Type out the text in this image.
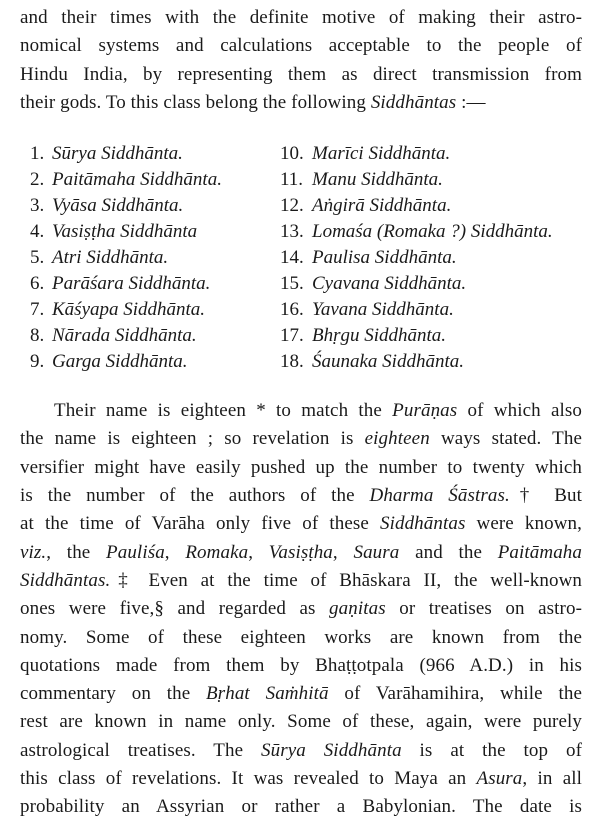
and their times with the definite motive of making their astro-
nomical systems and calculations acceptable to the people of
Hindu India, by representing them as direct transmission from
their gods. To this class belong the following Siddhāntas :—

1. Sūrya Siddhānta.
2. Paitāmaha Siddhānta.
3. Vyāsa Siddhānta.
4. Vasiṣṭha Siddhānta
5. Atri Siddhānta.
6. Parāśara Siddhānta.
7. Kāśyapa Siddhānta.
8. Nārada Siddhānta.
9. Garga Siddhānta.
10. Marīci Siddhānta.
11. Manu Siddhānta.
12. Aṅgirā Siddhānta.
13. Lomaśa (Romaka ?) Siddhānta.
14. Paulisa Siddhānta.
15. Cyavana Siddhānta.
16. Yavana Siddhānta.
17. Bhṛgu Siddhānta.
18. Śaunaka Siddhānta.

Their name is eighteen * to match the Purāṇas of which also
the name is eighteen ; so revelation is eighteen ways stated. The
versifier might have easily pushed up the number to twenty which
is the number of the authors of the Dharma Śāstras.† But
at the time of Varāha only five of these Siddhāntas were known,
viz., the Pauliśa, Romaka, Vasiṣṭha, Saura and the Paitāmaha
Siddhāntas.‡ Even at the time of Bhāskara II, the well-known
ones were five,§ and regarded as gaṇitas or treatises on astro-
nomy. Some of these eighteen works are known from the
quotations made from them by Bhaṭṭotpala (966 A.D.) in his
commentary on the Bṛhat Saṁhitā of Varāhamihira, while the
rest are known in name only. Some of these, again, were purely
astrological treatises. The Sūrya Siddhānta is at the top of
this class of revelations. It was revealed to Maya an Asura, in all
probability an Assyrian or rather a Babylonian. The date is
